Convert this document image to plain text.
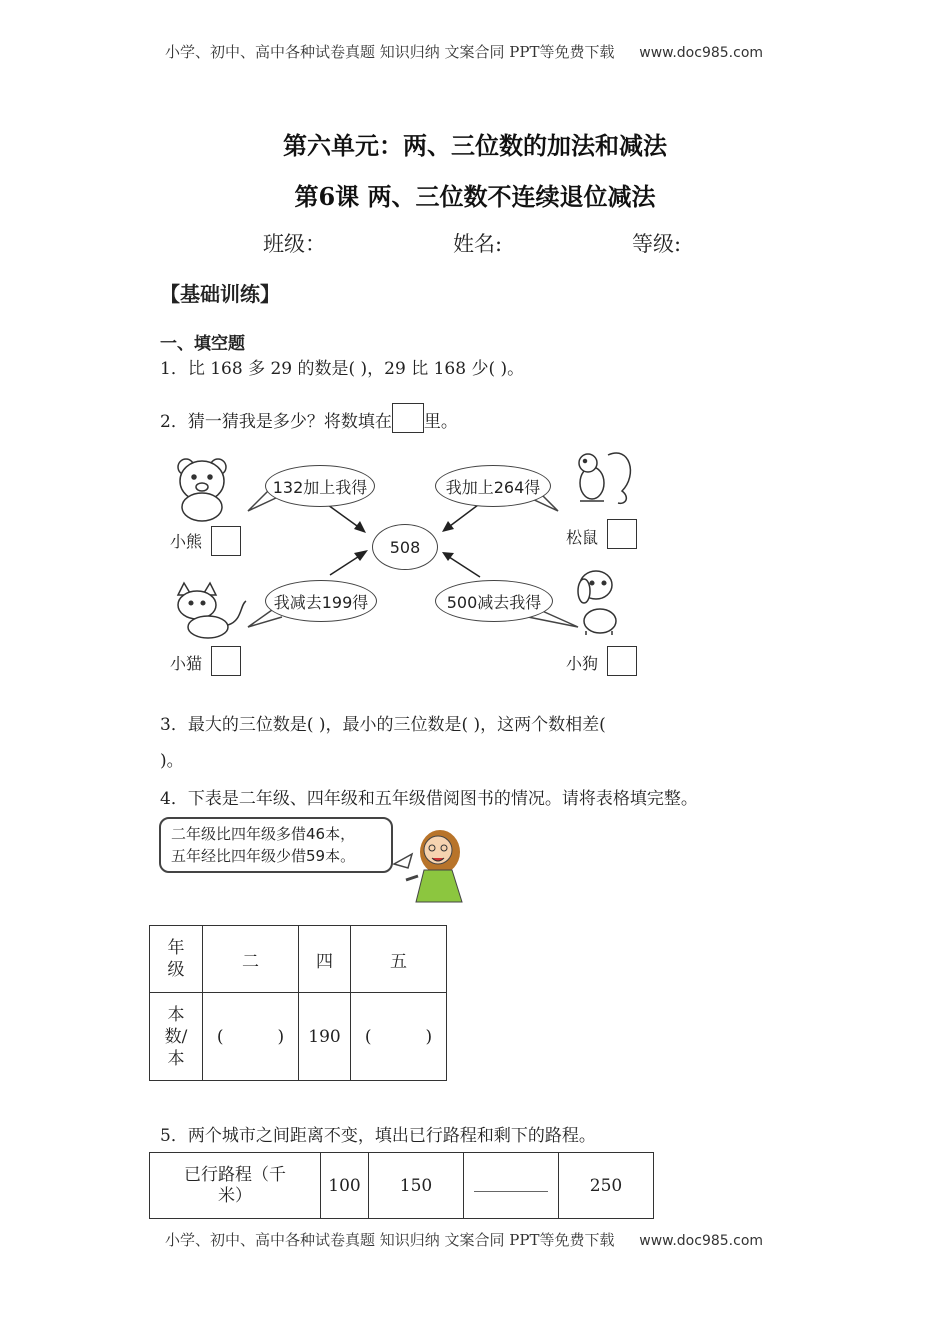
小学、初中、高中各种试卷真题 知识归纳 文案合同 PPT等免费下载 www.doc985.com
第六单元：两、三位数的加法和减法
第6课 两、三位数不连续退位减法
班级：	姓名:	等级:
【基础训练】
一、填空题
1．比 168 多 29 的数是( )，29 比 168 少( )。
2．猜一猜我是多少？将数填在 里。
132加上我得	我加上264得
508
我减去199得	500减去我得
小熊	松鼠
小猫	小狗
3．最大的三位数是( )，最小的三位数是( )，这两个数相差(
)。
4．下表是二年级、四年级和五年级借阅图书的情况。请将表格填完整。
二年级比四年级多借46本，
五年经比四年级少借59本。
年
级	二	四	五

本
数/
本	(          )	190	(          )
5．两个城市之间距离不变，填出已行路程和剩下的路程。
已行路程（千
米）	100	150		250
小学、初中、高中各种试卷真题 知识归纳 文案合同 PPT等免费下载 www.doc985.com
